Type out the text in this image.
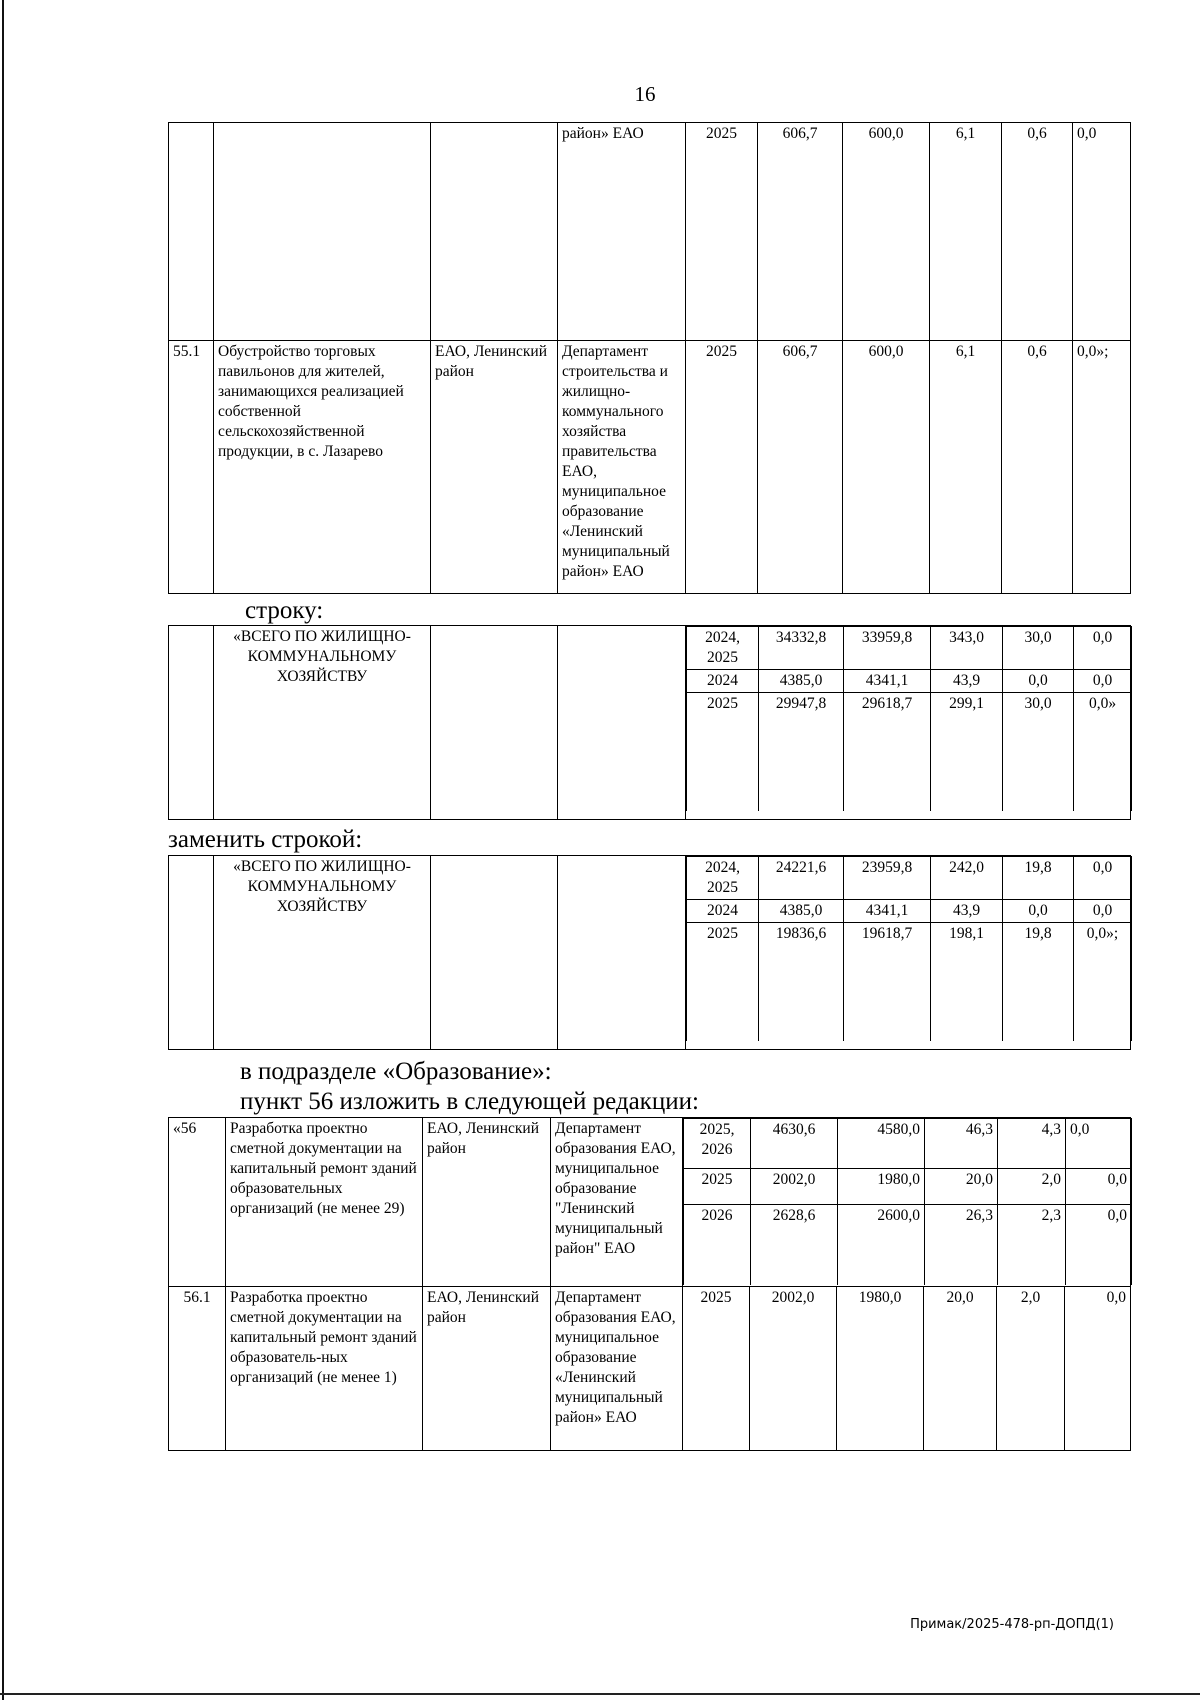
16
			район» ЕАО	2025	606,7	600,0	6,1	0,6	0,0
55.1	Обустройство торговых павильонов для жителей, занимающихся реализацией собственной сельскохозяйственной продукции, в с. Лазарево	ЕАО, Ленинский район	Департамент строительства и жилищно-коммунального хозяйства правительства ЕАО, муниципальное образование «Ленинский муниципальный район» ЕАО	2025	606,7	600,0	6,1	0,6	0,0»;
строку:
	«ВСЕГО ПО ЖИЛИЩНО-КОММУНАЛЬНОМУ ХОЗЯЙСТВУ			
2024, 2025	34332,8	33959,8	343,0	30,0	0,0
2024	4385,0	4341,1	43,9	0,0	0,0
2025	29947,8	29618,7	299,1	30,0	0,0»
заменить строкой:
	«ВСЕГО ПО ЖИЛИЩНО-КОММУНАЛЬНОМУ ХОЗЯЙСТВУ			
2024, 2025	24221,6	23959,8	242,0	19,8	0,0
2024	4385,0	4341,1	43,9	0,0	0,0
2025	19836,6	19618,7	198,1	19,8	0,0»;
в подразделе «Образование»:
пункт 56 изложить в следующей редакции:
«56	Разработка проектно сметной документации на капитальный ремонт зданий образовательных организаций (не менее 29)	ЕАО, Ленинский район	Департамент образования ЕАО, муниципальное образование "Ленинский муниципальный район" ЕАО	
2025, 2026	4630,6	4580,0	46,3	4,3	0,0
2025	2002,0	1980,0	20,0	2,0	0,0
2026	2628,6	2600,0	26,3	2,3	0,0

56.1	Разработка проектно сметной документации на капитальный ремонт зданий образователь-ных организаций (не менее 1)	ЕАО, Ленинский район	Департамент образования ЕАО, муниципальное образование «Ленинский муниципальный район» ЕАО	2025	2002,0	1980,0	20,0	2,0	0,0
Примак/2025-478-рп-ДОПД(1)
